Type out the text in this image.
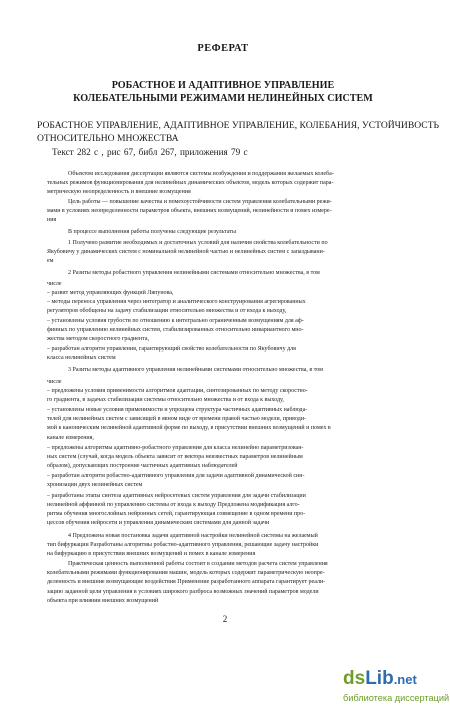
РЕФЕРАТ
РОБАСТНОЕ И АДАПТИВНОЕ УПРАВЛЕНИЕ
КОЛЕБАТЕЛЬНЫМИ РЕЖИМАМИ НЕЛИНЕЙНЫХ СИСТЕМ
РОБАСТНОЕ УПРАВЛЕНИЕ, АДАПТИВНОЕ УПРАВЛЕНИЕ, КОЛЕБАНИЯ, УСТОЙЧИВОСТЬ
ОТНОСИТЕЛЬНО МНОЖЕСТВА
Текст 282 с , рис 67, библ 267, приложения 79 с
Объектом исследования диссертации являются системы возбуждения и поддержания желаемых колеба-
тельных режимов функционирования для нелинейных динамических объектов, модель которых содержит пара-
метрическую неопределенность и внешние возмущения
Цель работы — повышение качества и помехоустойчивости систем управления колебательными режи-
мами в условиях неопределенности параметров объекта, внешних возмущений, нелинейности и помех измере-
ния
В процессе выполнения работы получены следующие результаты
1 Получено развитие необходимых и достаточных условий для наличия свойства колебательности по
Якубовичу у динамических систем с номинальной нелинейной частью и нелинейных систем с запаздывани-
ем
2 Разиты методы робастного управления нелинейными системами относительно множества, в том
числе
– развит метод управляющих функций Ляпунова,
– методы переноса управления через интегратор и аналитического конструирования агрегированных
регуляторов обобщены на задачу стабилизации относительно множества и от входа к выходу,
– установлены условия грубости по отношению к интегрально ограниченным возмущениям для аф-
финных по управлению нелинейных систем, стабилизированных относительно инвариантного мно-
жества методом скоростного градиента,
– разработан алгоритм управления, гарантирующий свойство колебательности по Якубовичу для
класса нелинейных систем
3 Разиты методы адаптивного управления нелинейными системами относительно множества, в том
числе
– предложены условия применимости алгоритмов адаптации, синтезированных по методу скоростно-
го градиента, в задачах стабилизации системы относительно множества и от входа к выходу,
– установлены новые условия применимости и упрощена структура частичных адаптивных наблюда-
телей для нелинейных систем с зависящей в явном виде от времени правой частью модели, приводи-
мой к каноническим нелинейной адаптивной форме по выходу, в присутствии внешних возмущений и помех в
канале измерения,
– предложены алгоритмы адаптивно-робастного управления для класса нелинейно параметризован-
ных систем (случай, когда модель объекта зависит от вектора неизвестных параметров нелинейным
образом), допускающих построение частичных адаптивных наблюдателей
– разработан алгоритм робастно-адаптивного управления для задачи адаптивной динамической син-
хронизации двух нелинейных систем
– разработаны этапы синтеза адаптивных нейросетевых систем управления для задачи стабилизации
нелинейной аффинной по управлению системы от входа к выходу Предложена модификация алго-
ритма обучения многослойных нейронных сетей, гарантирующая совмещение в одном времени про-
цессов обучения нейросети и управления динамическим системами для данной задачи
4 Предложена новая постановка задачи адаптивной настройки нелинейной системы на желаемый
тип бифуркации Разработаны алгоритмы робастно-адаптивного управления, решающие задачу настройки
на бифуркацию в присутствии внешних возмущений и помех в канале измерения
Практическая ценность выполненной работы состоит в создании методов расчета систем управления
колебательными режимами функционирования машин, модель которых содержит параметрическую неопре-
деленность и внешние возмущающие воздействия Применение разработанного аппарата гарантирует реали-
зацию заданной цели управления в условиях широкого разброса возможных значений параметров модели
объекта при влиянии внешних возмущений
2
dsLib.net
библиотека диссертаций
